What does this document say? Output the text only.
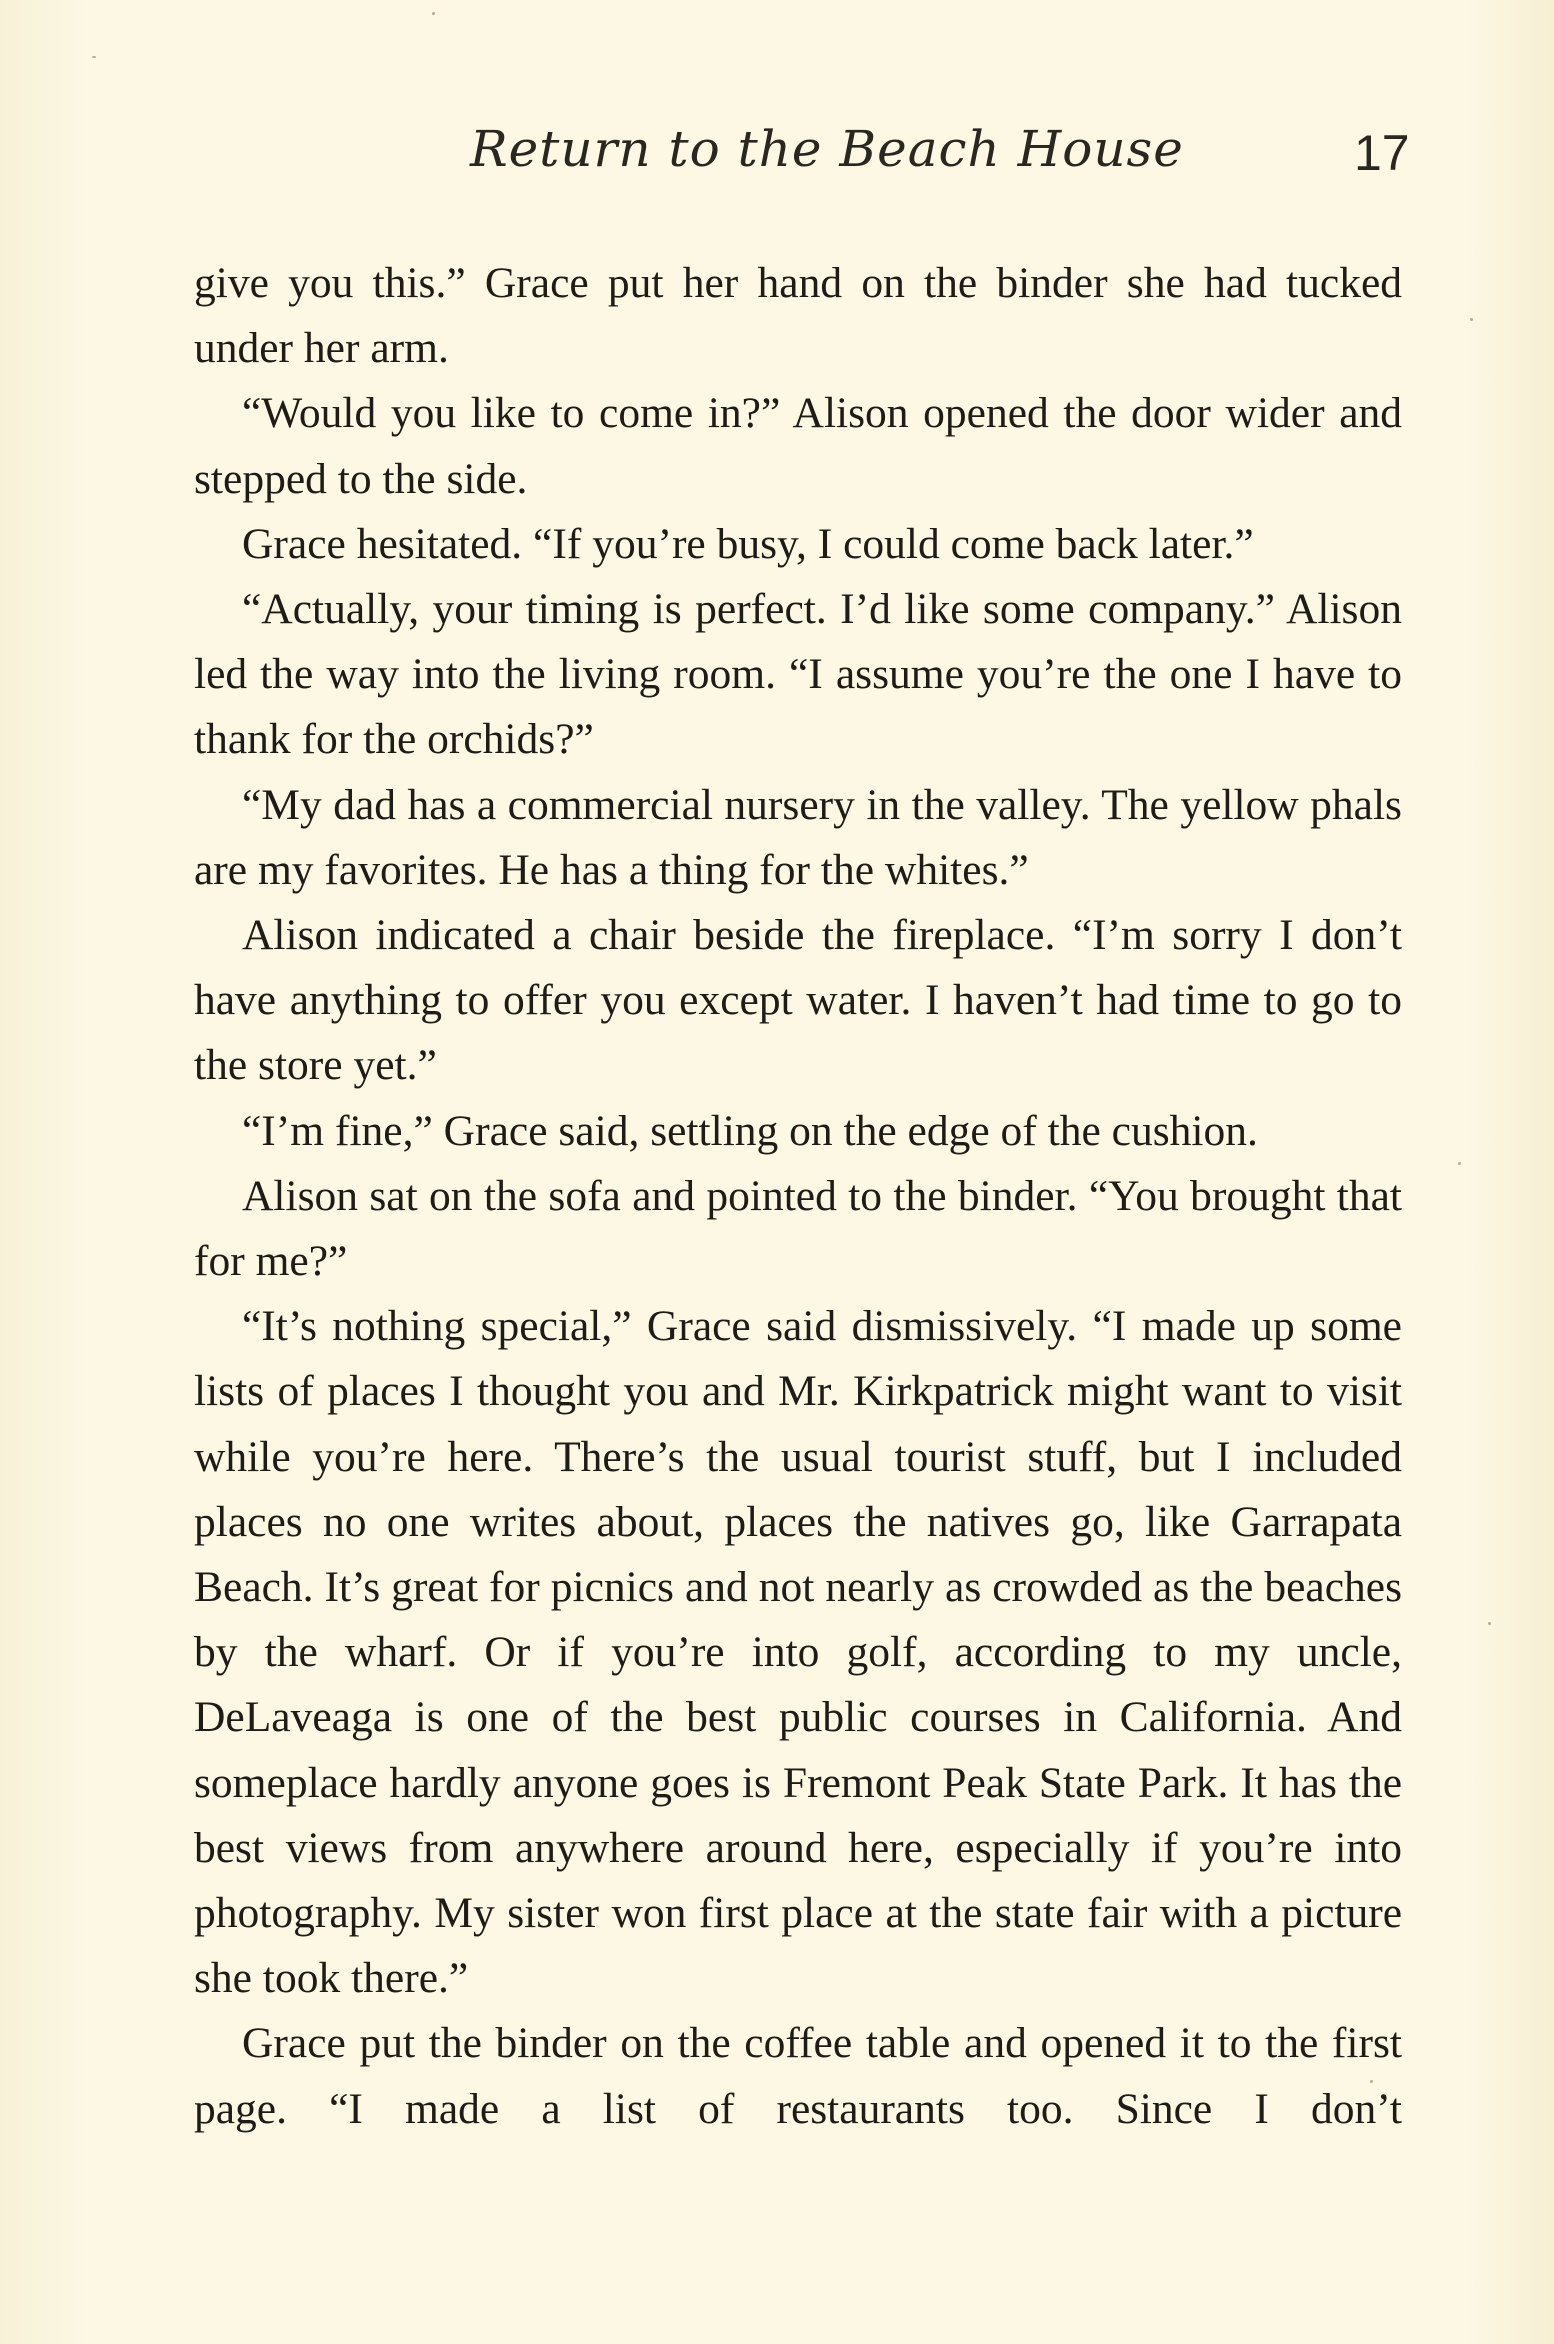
Return to the Beach House	17

give you this.” Grace put her hand on the binder she had tucked under her arm.

“Would you like to come in?” Alison opened the door wider and stepped to the side.

Grace hesitated. “If you’re busy, I could come back later.”

“Actually, your timing is perfect. I’d like some company.” Alison led the way into the living room. “I assume you’re the one I have to thank for the orchids?”

“My dad has a commercial nursery in the valley. The yellow phals are my favorites. He has a thing for the whites.”

Alison indicated a chair beside the fireplace. “I’m sorry I don’t have anything to offer you except water. I haven’t had time to go to the store yet.”

“I’m fine,” Grace said, settling on the edge of the cushion.

Alison sat on the sofa and pointed to the binder. “You brought that for me?”

“It’s nothing special,” Grace said dismissively. “I made up some lists of places I thought you and Mr. Kirkpatrick might want to visit while you’re here. There’s the usual tourist stuff, but I included places no one writes about, places the natives go, like Garrapata Beach. It’s great for picnics and not nearly as crowded as the beaches by the wharf. Or if you’re into golf, according to my uncle, DeLaveaga is one of the best public courses in California. And someplace hardly anyone goes is Fremont Peak State Park. It has the best views from anywhere around here, especially if you’re into photography. My sister won first place at the state fair with a picture she took there.”

Grace put the binder on the coffee table and opened it to the first page. “I made a list of restaurants too. Since I don’t
